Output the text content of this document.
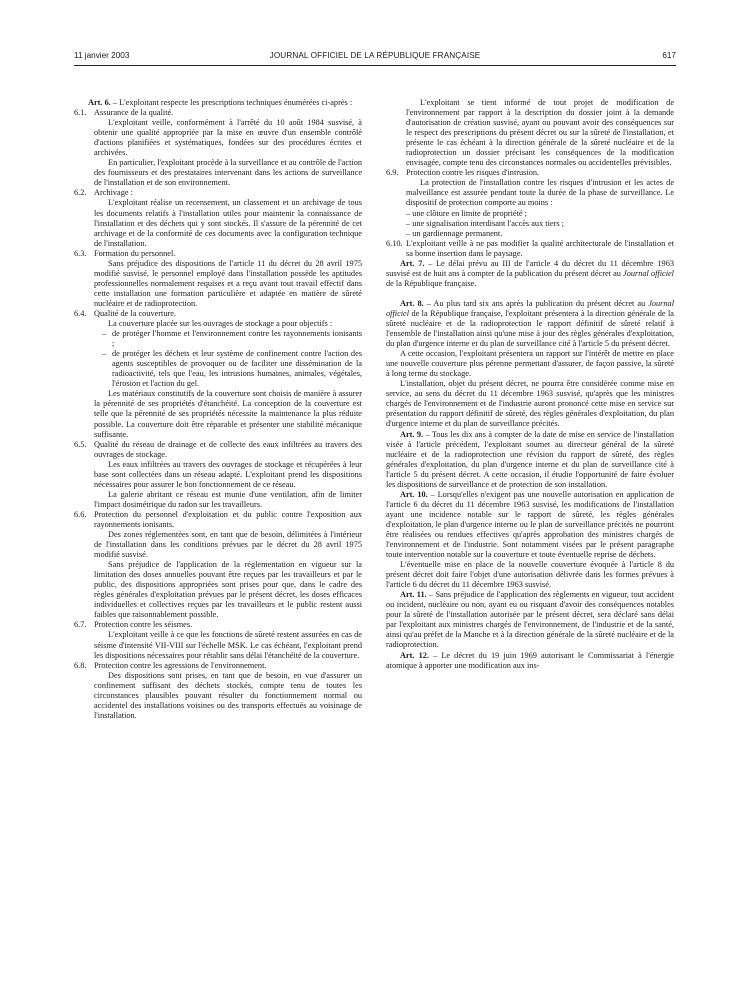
11 janvier 2003	JOURNAL OFFICIEL DE LA RÉPUBLIQUE FRANÇAISE	617

Art. 6. – L'exploitant respecte les prescriptions techniques énumérées ci-après :

6.1. Assurance de la qualité.

L'exploitant veille, conformément à l'arrêté du 10 août 1984 susvisé, à obtenir une qualité appropriée par la mise en œuvre d'un ensemble contrôlé d'actions planifiées et systématiques, fondées sur des procédures écrites et archivées.

En particulier, l'exploitant procède à la surveillance et au contrôle de l'action des fournisseurs et des prestataires intervenant dans les actions de surveillance de l'installation et de son environnement.

6.2. Archivage :

L'exploitant réalise un recensement, un classement et un archivage de tous les documents relatifs à l'installation utiles pour maintenir la connaissance de l'installation et des déchets qui y sont stockés. Il s'assure de la pérennité de cet archivage et de la conformité de ces documents avec la configuration technique de l'installation.

6.3. Formation du personnel.

Sans préjudice des dispositions de l'article 11 du décret du 28 avril 1975 modifié susvisé, le personnel employé dans l'installation possède les aptitudes professionnelles normalement requises et a reçu avant tout travail effectif dans cette installation une formation particulière et adaptée en matière de sûreté nucléaire et de radioprotection.

6.4. Qualité de la couverture.

La couverture placée sur les ouvrages de stockage a pour objectifs :

– de protéger l'homme et l'environnement contre les rayonnements ionisants ;

– de protéger les déchets et leur système de confinement contre l'action des agents susceptibles de provoquer ou de faciliter une dissémination de la radioactivité, tels que l'eau, les intrusions humaines, animales, végétales, l'érosion et l'action du gel.

Les matériaux constitutifs de la couverture sont choisis de manière à assurer la pérennité de ses propriétés d'étanchéité. La conception de la couverture est telle que la pérennité de ses propriétés nécessite la maintenance la plus réduite possible. La couverture doit être réparable et présenter une stabilité mécanique suffisante.

6.5. Qualité du réseau de drainage et de collecte des eaux infiltrées au travers des ouvrages de stockage.

Les eaux infiltrées au travers des ouvrages de stockage et récupérées à leur base sont collectées dans un réseau adapté. L'exploitant prend les dispositions nécessaires pour assurer le bon fonctionnement de ce réseau.

La galerie abritant ce réseau est munie d'une ventilation, afin de limiter l'impact dosimétrique du radon sur les travailleurs.

6.6. Protection du personnel d'exploitation et du public contre l'exposition aux rayonnements ionisants.

Des zones réglementées sont, en tant que de besoin, délimitées à l'intérieur de l'installation dans les conditions prévues par le décret du 28 avril 1975 modifié susvisé.

Sans préjudice de l'application de la réglementation en vigueur sur la limitation des doses annuelles pouvant être reçues par les travailleurs et par le public, des dispositions appropriées sont prises pour que, dans le cadre des règles générales d'exploitation prévues par le présent décret, les doses efficaces individuelles et collectives reçues par les travailleurs et le public restent aussi faibles que raisonnablement possible.

6.7. Protection contre les séismes.

L'exploitant veille à ce que les fonctions de sûreté restent assurées en cas de séisme d'intensité VII-VIII sur l'échelle MSK. Le cas échéant, l'exploitant prend les dispositions nécessaires pour rétablir sans délai l'étanchéité de la couverture.

6.8. Protection contre les agressions de l'environnement.

Des dispositions sont prises, en tant que de besoin, en vue d'assurer un confinement suffisant des déchets stockés, compte tenu de toutes les circonstances plausibles pouvant résulter du fonctionnement normal ou accidentel des installations voisines ou des transports effectués au voisinage de l'installation.

L'exploitant se tient informé de tout projet de modification de l'environnement par rapport à la description du dossier joint à la demande d'autorisation de création susvisé, ayant ou pouvant avoir des conséquences sur le respect des prescriptions du présent décret ou sur la sûreté de l'installation, et présente le cas échéant à la direction générale de la sûreté nucléaire et de la radioprotection un dossier précisant les conséquences de la modification envisagée, compte tenu des circonstances normales ou accidentelles prévisibles.

6.9. Protection contre les risques d'intrusion.

La protection de l'installation contre les risques d'intrusion et les actes de malveillance est assurée pendant toute la durée de la phase de surveillance. Le dispositif de protection comporte au moins :

– une clôture en limite de propriété ;

– une signalisation interdisant l'accès aux tiers ;

– un gardiennage permanent.

6.10. L'exploitant veille à ne pas modifier la qualité architecturale de l'installation et sa bonne insertion dans le paysage.

Art. 7. – Le délai prévu au III de l'article 4 du décret du 11 décembre 1963 susvisé est de huit ans à compter de la publication du présent décret au Journal officiel de la République française.

Art. 8. – Au plus tard six ans après la publication du présent décret au Journal officiel de la République française, l'exploitant présentera à la direction générale de la sûreté nucléaire et de la radioprotection le rapport définitif de sûreté relatif à l'ensemble de l'installation ainsi qu'une mise à jour des règles générales d'exploitation, du plan d'urgence interne et du plan de surveillance cité à l'article 5 du présent décret.

A cette occasion, l'exploitant présentera un rapport sur l'intérêt de mettre en place une nouvelle couverture plus pérenne permettant d'assurer, de façon passive, la sûreté à long terme du stockage.

L'installation, objet du présent décret, ne pourra être considérée comme mise en service, au sens du décret du 11 décembre 1963 susvisé, qu'après que les ministres chargés de l'environnement et de l'industrie auront prononcé cette mise en service sur présentation du rapport définitif de sûreté, des règles générales d'exploitation, du plan d'urgence interne et du plan de surveillance précités.

Art. 9. – Tous les dix ans à compter de la date de mise en service de l'installation visée à l'article précédent, l'exploitant soumet au directeur général de la sûreté nucléaire et de la radioprotection une révision du rapport de sûreté, des règles générales d'exploitation, du plan d'urgence interne et du plan de surveillance cité à l'article 5 du présent décret. A cette occasion, il étudie l'opportunité de faire évoluer les dispositions de surveillance et de protection de son installation.

Art. 10. – Lorsqu'elles n'exigent pas une nouvelle autorisation en application de l'article 6 du décret du 11 décembre 1963 susvisé, les modifications de l'installation ayant une incidence notable sur le rapport de sûreté, les règles générales d'exploitation, le plan d'urgence interne ou le plan de surveillance précités ne pourront être réalisées ou rendues effectives qu'après approbation des ministres chargés de l'environnement et de l'industrie. Sont notamment visées par le présent paragraphe toute intervention notable sur la couverture et toute éventuelle reprise de déchets.

L'éventuelle mise en place de la nouvelle couverture évoquée à l'article 8 du présent décret doit faire l'objet d'une autorisation délivrée dans les formes prévues à l'article 6 du décret du 11 décembre 1963 susvisé.

Art. 11. – Sans préjudice de l'application des règlements en vigueur, tout accident ou incident, nucléaire ou non, ayant eu ou risquant d'avoir des conséquences notables pour la sûreté de l'installation autorisée par le présent décret, sera déclaré sans délai par l'exploitant aux ministres chargés de l'environnement, de l'industrie et de la santé, ainsi qu'au préfet de la Manche et à la direction générale de la sûreté nucléaire et de la radioprotection.

Art. 12. – Le décret du 19 juin 1969 autorisant le Commissariat à l'énergie atomique à apporter une modification aux ins-
